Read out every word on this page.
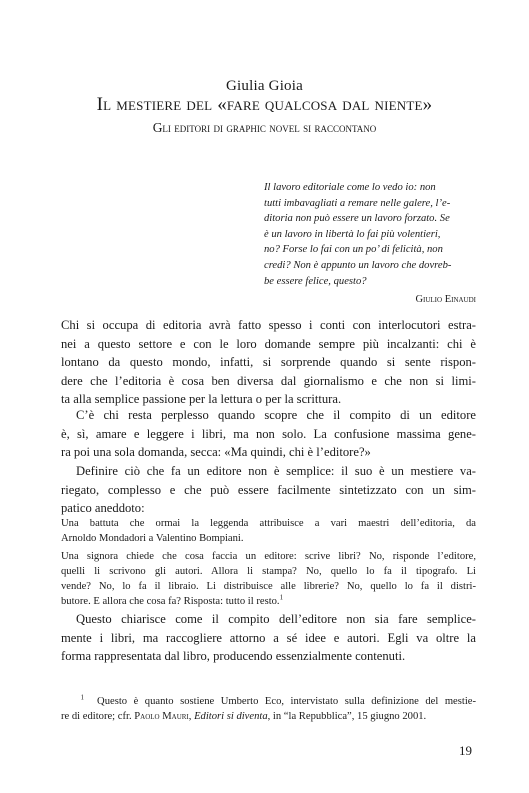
Giulia Gioia
Il mestiere del «fare qualcosa dal niente»
Gli editori di graphic novel si raccontano
Il lavoro editoriale come lo vedo io: non
tutti imbavagliati a remare nelle galere, l’e-
ditoria non può essere un lavoro forzato. Se
è un lavoro in libertà lo fai più volentieri,
no? Forse lo fai con un po’ di felicità, non
credi? Non è appunto un lavoro che dovreb-
be essere felice, questo?
Giulio Einaudi
Chi si occupa di editoria avrà fatto spesso i conti con interlocutori estra-
nei a questo settore e con le loro domande sempre più incalzanti: chi è
lontano da questo mondo, infatti, si sorprende quando si sente rispon-
dere che l’editoria è cosa ben diversa dal giornalismo e che non si limi-
ta alla semplice passione per la lettura o per la scrittura.
C’è chi resta perplesso quando scopre che il compito di un editore
è, sì, amare e leggere i libri, ma non solo. La confusione massima gene-
ra poi una sola domanda, secca: «Ma quindi, chi è l’editore?»
Definire ciò che fa un editore non è semplice: il suo è un mestiere va-
riegato, complesso e che può essere facilmente sintetizzato con un sim-
patico aneddoto:
Una battuta che ormai la leggenda attribuisce a vari maestri dell’editoria, da
Arnoldo Mondadori a Valentino Bompiani.
Una signora chiede che cosa faccia un editore: scrive libri? No, risponde l’editore,
quelli li scrivono gli autori. Allora li stampa? No, quello lo fa il tipografo. Li
vende? No, lo fa il libraio. Li distribuisce alle librerie? No, quello lo fa il distri-
butore. E allora che cosa fa? Risposta: tutto il resto.$^1$
Questo chiarisce come il compito dell’editore non sia fare semplice-
mente i libri, ma raccogliere attorno a sé idee e autori. Egli va oltre la
forma rappresentata dal libro, producendo essenzialmente contenuti.
$^1$ Questo è quanto sostiene Umberto Eco, intervistato sulla definizione del mestie-
re di editore; cfr. Paolo Mauri, Editori si diventa, in “la Repubblica”, 15 giugno 2001.
19
